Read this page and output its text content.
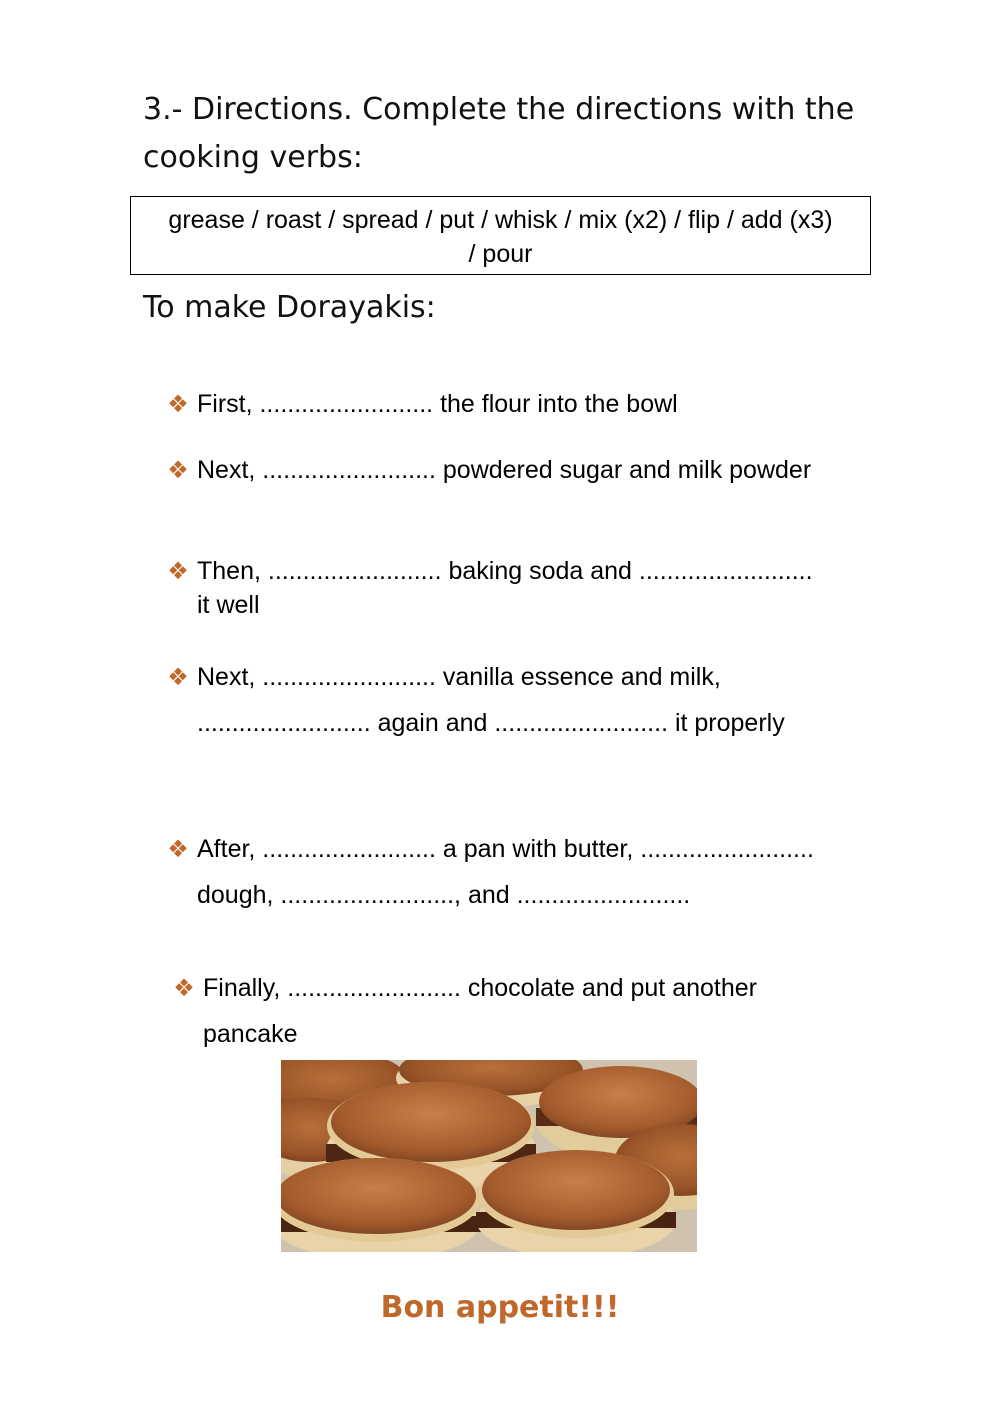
3.- Directions. Complete the directions with the cooking verbs:
grease / roast / spread / put / whisk / mix (x2) / flip / add (x3)
/ pour
To make Dorayakis:
❖ First, ......................... the flour into the bowl
❖ Next, ......................... powdered sugar and milk powder
❖ Then, ......................... baking soda and .........................
it well
❖ Next, ......................... vanilla essence and milk,
......................... again and ......................... it properly
❖ After, ......................... a pan with butter, .........................
dough, ........................., and .........................
❖ Finally, ......................... chocolate and put another
pancake
Bon appetit!!!
